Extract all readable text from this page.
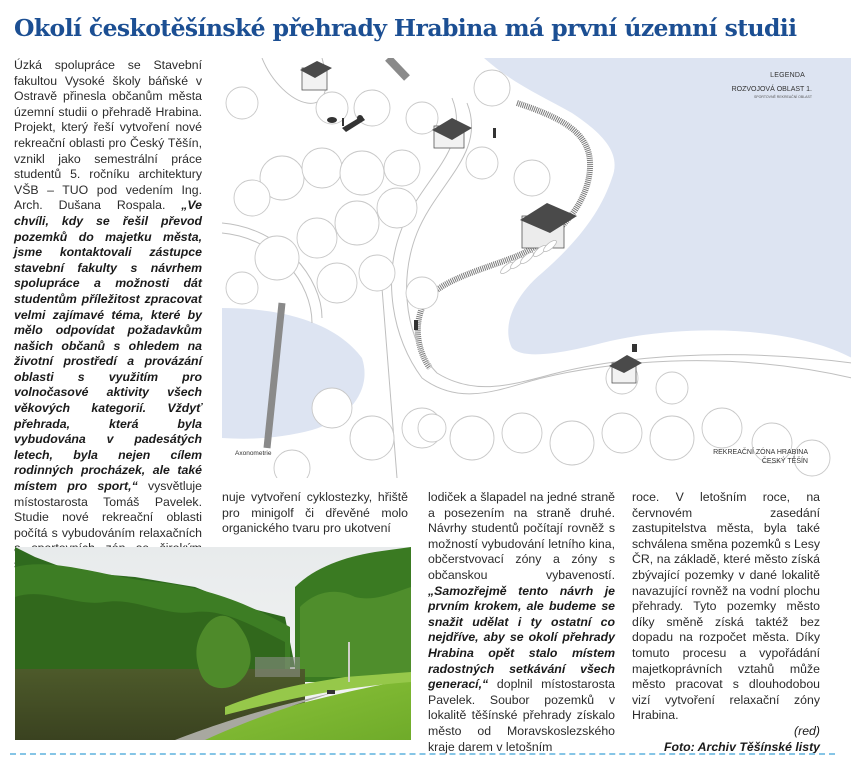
Okolí českotěšínské přehrady Hrabina má první územní studii

Úzká spolupráce se Stavební fakultou Vysoké školy báňské v Ostravě přinesla občanům města územní studii o přehradě Hrabina. Projekt, který řeší vytvoření nové rekreační oblasti pro Český Těšín, vznikl jako semestrální práce studentů 5. ročníku architektury VŠB – TUO pod vedením Ing. Arch. Dušana Rospala. „Ve chvíli, kdy se řešil převod pozemků do majetku města, jsme kontaktovali zástupce stavební fakulty s návrhem spolupráce a možnosti dát studentům příležitost zpracovat velmi zajímavé téma, které by mělo odpovídat požadavkům našich občanů s ohledem na životní prostředí a provázání oblasti s využitím pro volnočasové aktivity všech věkových kategorií. Vždyť přehrada, která byla vybudována v padesátých letech, byla nejen cílem rodinných procházek, ale také místem pro sport,“ vysvětluje místostarosta Tomáš Pavelek. Studie nové rekreační oblasti počítá s vybudováním relaxačních

LEGENDA
ROZVOJOVÁ OBLAST 1.
SPORTOVNĚ REKREAČNÍ OBLAST
Axonometrie	REKREAČNÍ ZÓNA HRABINA
ČESKÝ TĚŠÍN

nuje vytvoření cyklostezky, hřiště pro minigolf či dřevěné molo organického tvaru pro ukotvení

lodiček a šlapadel na jedné straně a posezením na straně druhé. Návrhy studentů počítají rovněž s možností vybudování letního kina, občerstvovací zóny a zóny s občanskou vybaveností. „Samozřejmě tento návrh je prvním krokem, ale budeme se snažit udělat i ty ostatní co nejdříve, aby se okolí přehrady Hrabina opět stalo místem radostných setkávání všech generací,“ doplnil místostarosta Pavelek. Soubor pozemků v lokalitě těšínské přehrady získalo město od Moravskoslezského kraje darem v letošním

roce. V letošním roce, na červnovém zasedání zastupitelstva města, byla také schválena směna pozemků s Lesy ČR, na základě, které město získá zbývající pozemky v dané lokalitě navazující rovněž na vodní plochu přehrady. Tyto pozemky město díky směně získá taktéž bez dopadu na rozpočet města. Díky tomuto procesu a vypořádání majetkoprávních vztahů může město pracovat s dlouhodobou vizí vytvoření relaxační zóny Hrabina.

(red)
Foto: Archiv Těšínské listy
